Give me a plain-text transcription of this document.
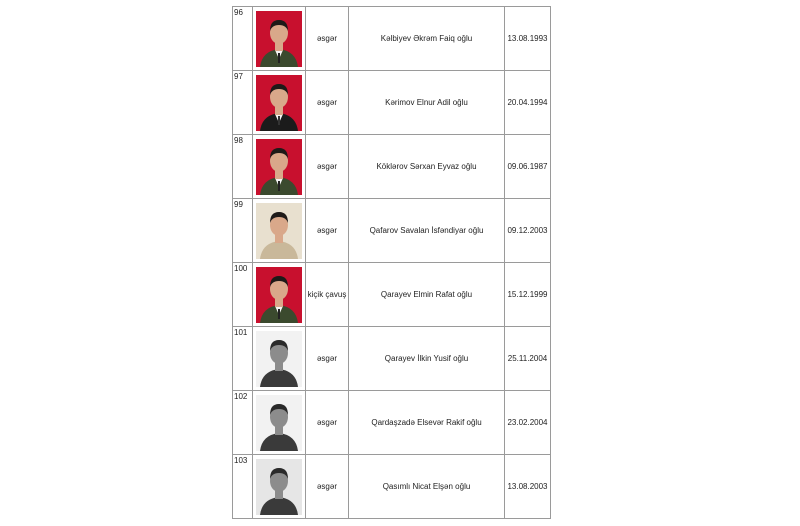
96		əsgər	Kəlbiyev Əkrəm Faiq oğlu	13.08.1993
97		əsgər	Kərimov Elnur Adil oğlu	20.04.1994
98		əsgər	Köklərov Sərxan Eyvaz oğlu	09.06.1987
99		əsgər	Qafarov Savalan İsfəndiyar oğlu	09.12.2003
100		kiçik çavuş	Qarayev Elmin Rafat oğlu	15.12.1999
101		əsgər	Qarayev İlkin Yusif oğlu	25.11.2004
102		əsgər	Qardaşzadə Elsevər Rakif oğlu	23.02.2004
103		əsgər	Qasımlı Nicat Elşən oğlu	13.08.2003
